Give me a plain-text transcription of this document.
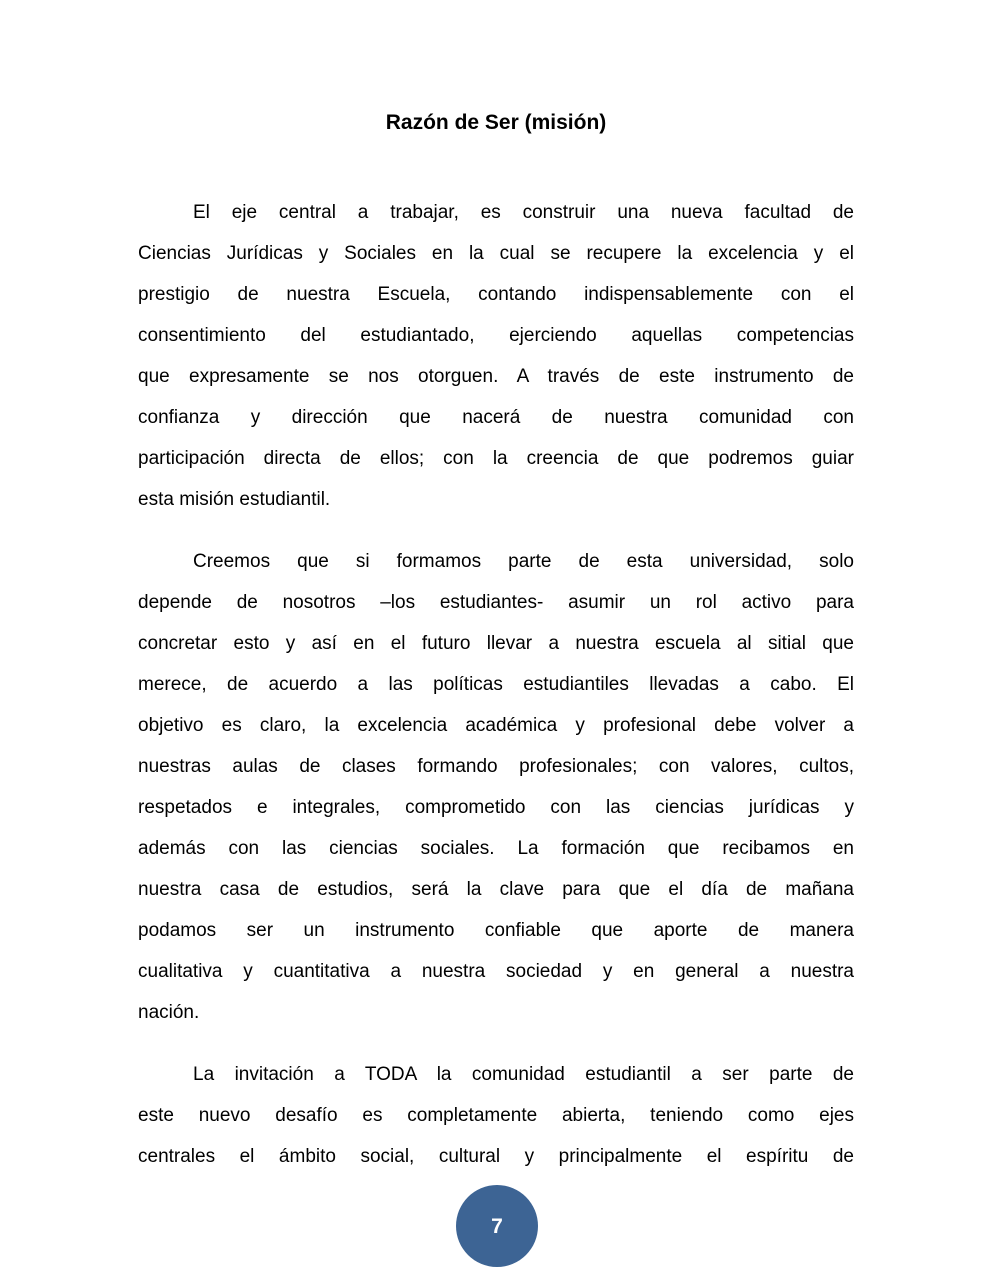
Razón de Ser (misión)
El eje central a trabajar, es construir una nueva facultad de
Ciencias Jurídicas y Sociales en la cual se recupere la excelencia y el
prestigio de nuestra Escuela, contando indispensablemente con el
consentimiento del estudiantado, ejerciendo aquellas competencias
que expresamente se nos otorguen. A través de este instrumento de
confianza y dirección que nacerá de nuestra comunidad con
participación directa de ellos; con la creencia de que podremos guiar
esta misión estudiantil.
Creemos que si formamos parte de esta universidad, solo
depende de nosotros –los estudiantes- asumir un rol activo para
concretar esto y así en el futuro llevar a nuestra escuela al sitial que
merece, de acuerdo a las políticas estudiantiles llevadas a cabo. El
objetivo es claro, la excelencia académica y profesional debe volver a
nuestras aulas de clases formando profesionales; con valores, cultos,
respetados e integrales, comprometido con las ciencias jurídicas y
además con las ciencias sociales. La formación que recibamos en
nuestra casa de estudios, será la clave para que el día de mañana
podamos ser un instrumento confiable que aporte de manera
cualitativa y cuantitativa a nuestra sociedad y en general a nuestra
nación.
La invitación a TODA la comunidad estudiantil a ser parte de
este nuevo desafío es completamente abierta, teniendo como ejes
centrales el ámbito social, cultural y principalmente el espíritu de
7
